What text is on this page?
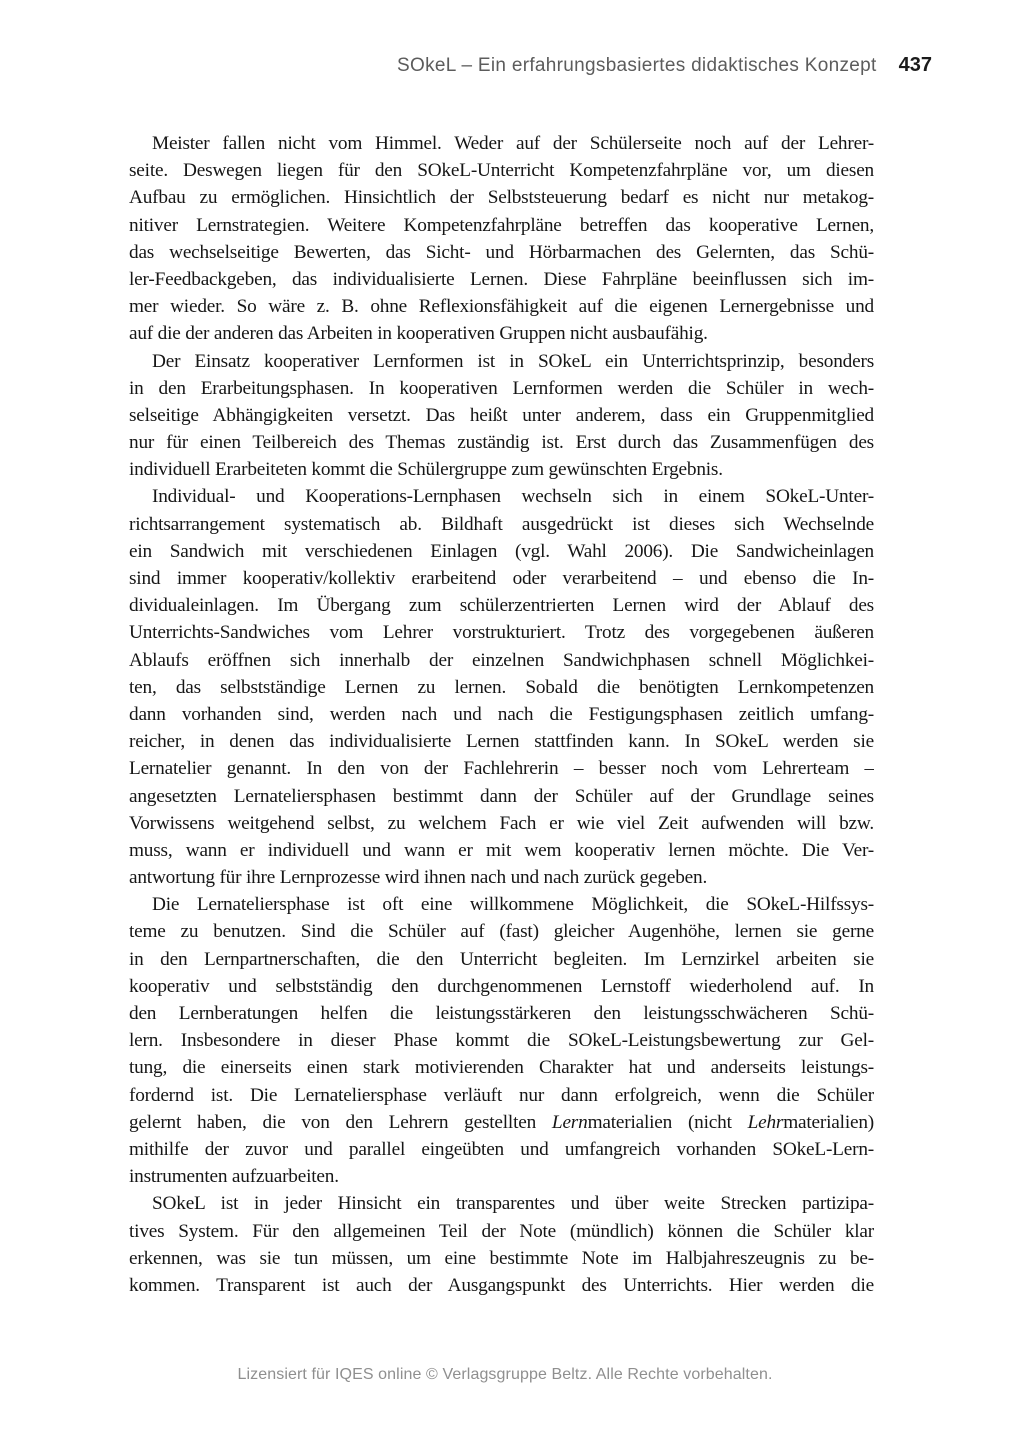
SOkeL – Ein erfahrungsbasiertes didaktisches Konzept 437
Meister fallen nicht vom Himmel. Weder auf der Schülerseite noch auf der Lehrer-
seite. Deswegen liegen für den SOkeL-Unterricht Kompetenzfahrpläne vor, um diesen
Aufbau zu ermöglichen. Hinsichtlich der Selbststeuerung bedarf es nicht nur metakog-
nitiver Lernstrategien. Weitere Kompetenzfahrpläne betreffen das kooperative Lernen,
das wechselseitige Bewerten, das Sicht- und Hörbarmachen des Gelernten, das Schü-
ler-Feedbackgeben, das individualisierte Lernen. Diese Fahrpläne beeinflussen sich im-
mer wieder. So wäre z. B. ohne Reflexionsfähigkeit auf die eigenen Lernergebnisse und
auf die der anderen das Arbeiten in kooperativen Gruppen nicht ausbaufähig.
Der Einsatz kooperativer Lernformen ist in SOkeL ein Unterrichtsprinzip, besonders
in den Erarbeitungsphasen. In kooperativen Lernformen werden die Schüler in wech-
selseitige Abhängigkeiten versetzt. Das heißt unter anderem, dass ein Gruppenmitglied
nur für einen Teilbereich des Themas zuständig ist. Erst durch das Zusammenfügen des
individuell Erarbeiteten kommt die Schülergruppe zum gewünschten Ergebnis.
Individual- und Kooperations-Lernphasen wechseln sich in einem SOkeL-Unter-
richtsarrangement systematisch ab. Bildhaft ausgedrückt ist dieses sich Wechselnde
ein Sandwich mit verschiedenen Einlagen (vgl. Wahl 2006). Die Sandwicheinlagen
sind immer kooperativ/kollektiv erarbeitend oder verarbeitend – und ebenso die In-
dividualeinlagen. Im Übergang zum schülerzentrierten Lernen wird der Ablauf des
Unterrichts-Sandwiches vom Lehrer vorstrukturiert. Trotz des vorgegebenen äußeren
Ablaufs eröffnen sich innerhalb der einzelnen Sandwichphasen schnell Möglichkei-
ten, das selbstständige Lernen zu lernen. Sobald die benötigten Lernkompetenzen
dann vorhanden sind, werden nach und nach die Festigungsphasen zeitlich umfang-
reicher, in denen das individualisierte Lernen stattfinden kann. In SOkeL werden sie
Lernatelier genannt. In den von der Fachlehrerin – besser noch vom Lehrerteam –
angesetzten Lernateliersphasen bestimmt dann der Schüler auf der Grundlage seines
Vorwissens weitgehend selbst, zu welchem Fach er wie viel Zeit aufwenden will bzw.
muss, wann er individuell und wann er mit wem kooperativ lernen möchte. Die Ver-
antwortung für ihre Lernprozesse wird ihnen nach und nach zurück gegeben.
Die Lernateliersphase ist oft eine willkommene Möglichkeit, die SOkeL-Hilfssys-
teme zu benutzen. Sind die Schüler auf (fast) gleicher Augenhöhe, lernen sie gerne
in den Lernpartnerschaften, die den Unterricht begleiten. Im Lernzirkel arbeiten sie
kooperativ und selbstständig den durchgenommenen Lernstoff wiederholend auf. In
den Lernberatungen helfen die leistungsstärkeren den leistungsschwächeren Schü-
lern. Insbesondere in dieser Phase kommt die SOkeL-Leistungsbewertung zur Gel-
tung, die einerseits einen stark motivierenden Charakter hat und anderseits leistungs-
fordernd ist. Die Lernateliersphase verläuft nur dann erfolgreich, wenn die Schüler
gelernt haben, die von den Lehrern gestellten Lernmaterialien (nicht Lehrmaterialien)
mithilfe der zuvor und parallel eingeübten und umfangreich vorhanden SOkeL-Lern-
instrumenten aufzuarbeiten.
SOkeL ist in jeder Hinsicht ein transparentes und über weite Strecken partizipa-
tives System. Für den allgemeinen Teil der Note (mündlich) können die Schüler klar
erkennen, was sie tun müssen, um eine bestimmte Note im Halbjahreszeugnis zu be-
kommen. Transparent ist auch der Ausgangspunkt des Unterrichts. Hier werden die
Lizensiert für IQES online © Verlagsgruppe Beltz. Alle Rechte vorbehalten.
